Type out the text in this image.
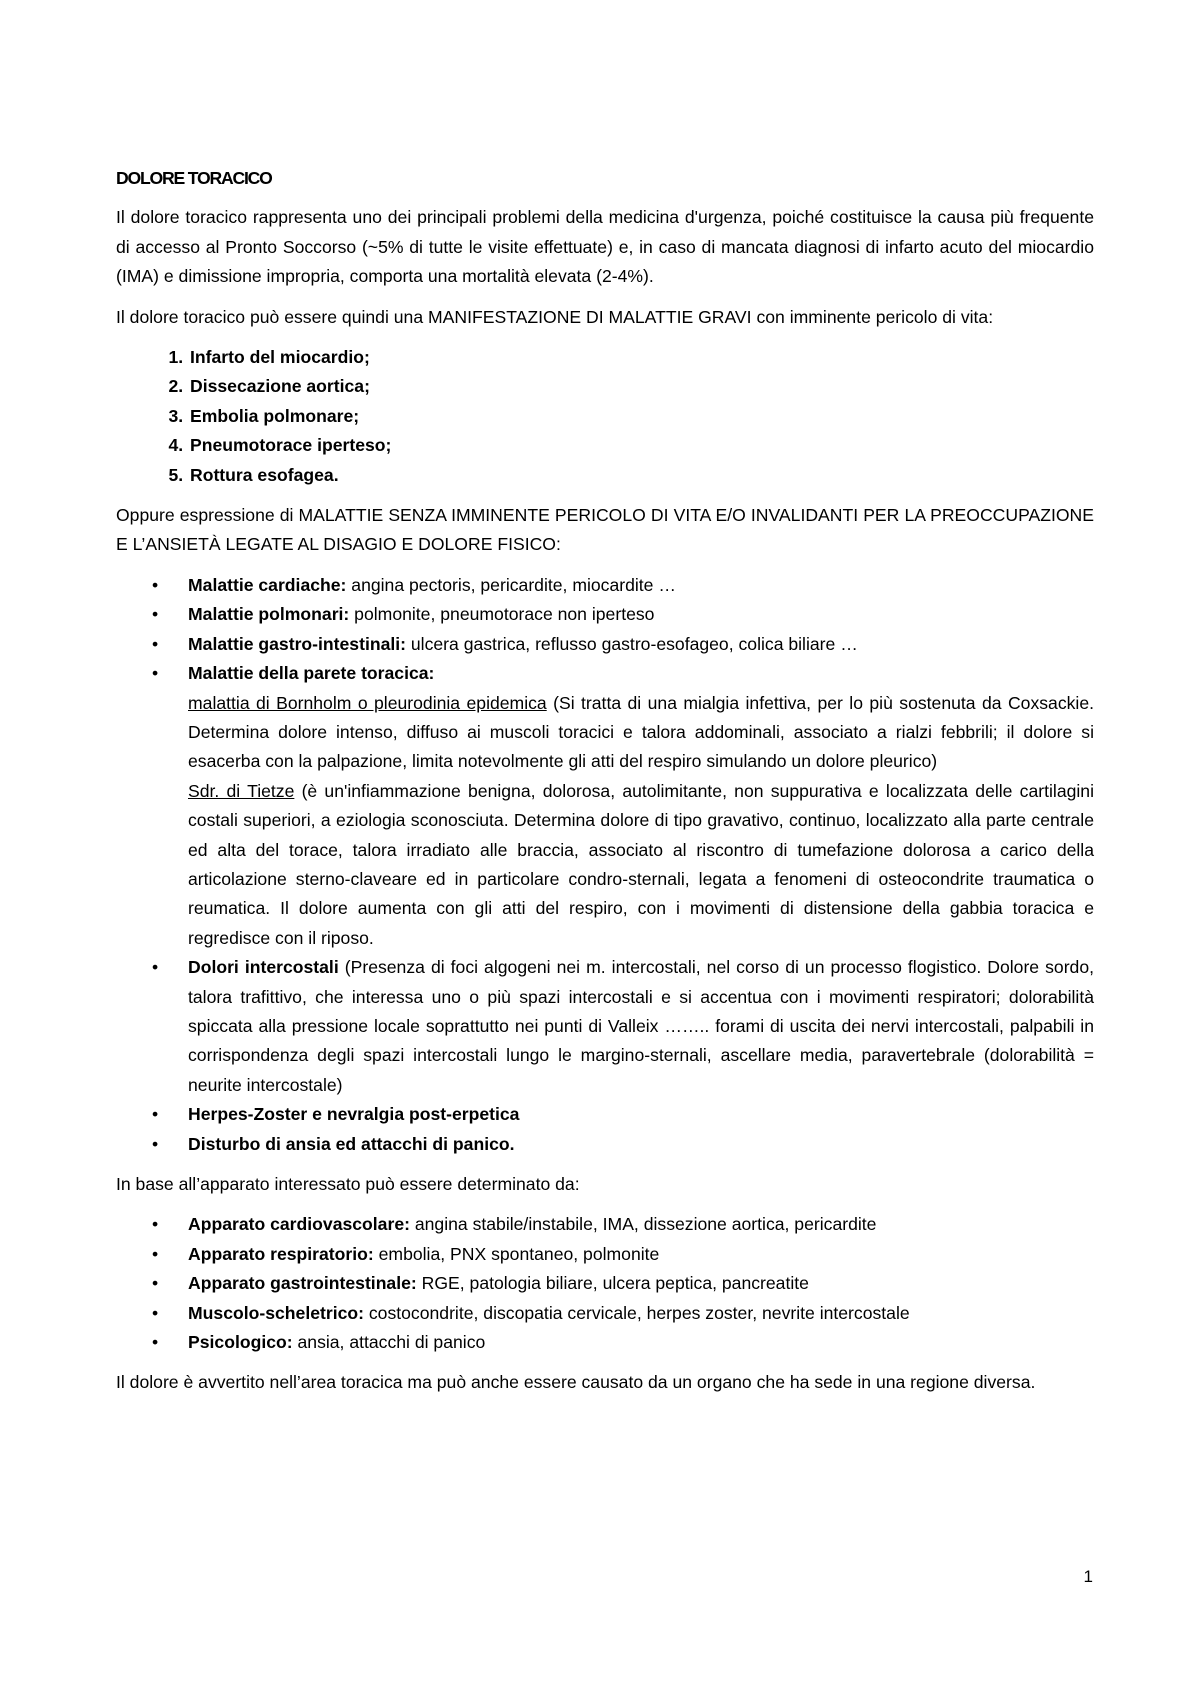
DOLORE TORACICO

Il dolore toracico rappresenta uno dei principali problemi della medicina d'urgenza, poiché costituisce la causa più frequente di accesso al Pronto Soccorso (~5% di tutte le visite effettuate) e, in caso di mancata diagnosi di infarto acuto del miocardio (IMA) e dimissione impropria, comporta una mortalità elevata (2-4%).

Il dolore toracico può essere quindi una MANIFESTAZIONE DI MALATTIE GRAVI con imminente pericolo di vita:

1. Infarto del miocardio;
2. Dissecazione aortica;
3. Embolia polmonare;
4. Pneumotorace iperteso;
5. Rottura esofagea.

Oppure espressione di MALATTIE SENZA IMMINENTE PERICOLO DI VITA E/O INVALIDANTI PER LA PREOCCUPAZIONE E L’ANSIETÀ LEGATE AL DISAGIO E DOLORE FISICO:

• Malattie cardiache: angina pectoris, pericardite, miocardite …
• Malattie polmonari: polmonite, pneumotorace non iperteso
• Malattie gastro-intestinali: ulcera gastrica, reflusso gastro-esofageo, colica biliare …
• Malattie della parete toracica:
malattia di Bornholm o pleurodinia epidemica (Si tratta di una mialgia infettiva, per lo più sostenuta da Coxsackie. Determina dolore intenso, diffuso ai muscoli toracici e talora addominali, associato a rialzi febbrili; il dolore si esacerba con la palpazione, limita notevolmente gli atti del respiro simulando un dolore pleurico)
Sdr. di Tietze (è un'infiammazione benigna, dolorosa, autolimitante, non suppurativa e localizzata delle cartilagini costali superiori, a eziologia sconosciuta. Determina dolore di tipo gravativo, continuo, localizzato alla parte centrale ed alta del torace, talora irradiato alle braccia, associato al riscontro di tumefazione dolorosa a carico della articolazione sterno-claveare ed in particolare condro-sternali, legata a fenomeni di osteocondrite traumatica o reumatica. Il dolore aumenta con gli atti del respiro, con i movimenti di distensione della gabbia toracica e regredisce con il riposo.
• Dolori intercostali (Presenza di foci algogeni nei m. intercostali, nel corso di un processo flogistico. Dolore sordo, talora trafittivo, che interessa uno o più spazi intercostali e si accentua con i movimenti respiratori; dolorabilità spiccata alla pressione locale soprattutto nei punti di Valleix …….. forami di uscita dei nervi intercostali, palpabili in corrispondenza degli spazi intercostali lungo le margino-sternali, ascellare media, paravertebrale (dolorabilità = neurite intercostale)
• Herpes-Zoster e nevralgia post-erpetica
• Disturbo di ansia ed attacchi di panico.

In base all’apparato interessato può essere determinato da:

• Apparato cardiovascolare: angina stabile/instabile, IMA, dissezione aortica, pericardite
• Apparato respiratorio: embolia, PNX spontaneo, polmonite
• Apparato gastrointestinale: RGE, patologia biliare, ulcera peptica, pancreatite
• Muscolo-scheletrico: costocondrite, discopatia cervicale, herpes zoster, nevrite intercostale
• Psicologico: ansia, attacchi di panico

Il dolore è avvertito nell’area toracica ma può anche essere causato da un organo che ha sede in una regione diversa.

1
